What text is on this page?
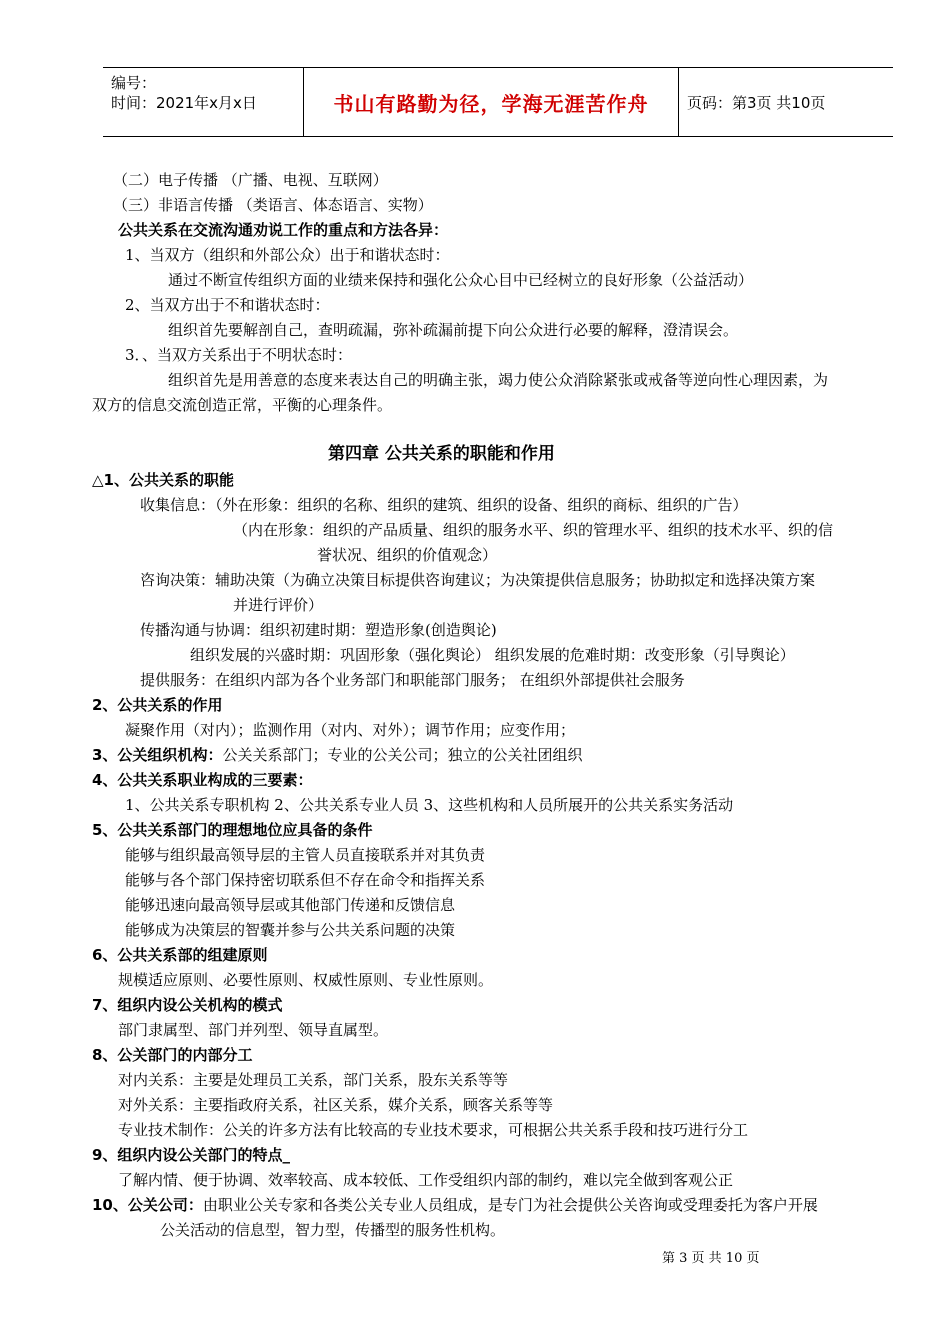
编号：
时间：2021年x月x日	书山有路勤为径，学海无涯苦作舟	页码：第3页 共10页
（二）电子传播 （广播、电视、互联网）
（三）非语言传播 （类语言、体态语言、实物）
公共关系在交流沟通劝说工作的重点和方法各异：
1、当双方（组织和外部公众）出于和谐状态时：
通过不断宣传组织方面的业绩来保持和强化公众心目中已经树立的良好形象（公益活动）
2、当双方出于不和谐状态时：
组织首先要解剖自己，查明疏漏，弥补疏漏前提下向公众进行必要的解释，澄清误会。
3．、当双方关系出于不明状态时：
组织首先是用善意的态度来表达自己的明确主张，竭力使公众消除紧张或戒备等逆向性心理因素，为
双方的信息交流创造正常，平衡的心理条件。
第四章 公共关系的职能和作用
△1、公共关系的职能
收集信息：（外在形象：组织的名称、组织的建筑、组织的设备、组织的商标、组织的广告）
（内在形象：组织的产品质量、组织的服务水平、织的管理水平、组织的技术水平、织的信
誉状况、组织的价值观念）
咨询决策：辅助决策（为确立决策目标提供咨询建议；为决策提供信息服务；协助拟定和选择决策方案
并进行评价）
传播沟通与协调：组织初建时期：塑造形象(创造舆论)
组织发展的兴盛时期：巩固形象（强化舆论） 组织发展的危难时期：改变形象（引导舆论）
提供服务：在组织内部为各个业务部门和职能部门服务； 在组织外部提供社会服务
2、公共关系的作用
凝聚作用（对内）；监测作用（对内、对外）；调节作用；应变作用；
3、公关组织机构：公关关系部门；专业的公关公司；独立的公关社团组织
4、公共关系职业构成的三要素：
1、公共关系专职机构 2、公共关系专业人员 3、这些机构和人员所展开的公共关系实务活动
5、公共关系部门的理想地位应具备的条件
能够与组织最高领导层的主管人员直接联系并对其负责
能够与各个部门保持密切联系但不存在命令和指挥关系
能够迅速向最高领导层或其他部门传递和反馈信息
能够成为决策层的智囊并参与公共关系问题的决策
6、公共关系部的组建原则
规模适应原则、必要性原则、权威性原则、专业性原则。
7、组织内设公关机构的模式
部门隶属型、部门并列型、领导直属型。
8、公关部门的内部分工
对内关系：主要是处理员工关系，部门关系，股东关系等等
对外关系：主要指政府关系，社区关系，媒介关系，顾客关系等等
专业技术制作：公关的许多方法有比较高的专业技术要求，可根据公共关系手段和技巧进行分工
9、组织内设公关部门的特点_
了解内情、便于协调、效率较高、成本较低、工作受组织内部的制约，难以完全做到客观公正
10、公关公司：由职业公关专家和各类公关专业人员组成，是专门为社会提供公关咨询或受理委托为客户开展
公关活动的信息型，智力型，传播型的服务性机构。
第 3 页 共 10 页
